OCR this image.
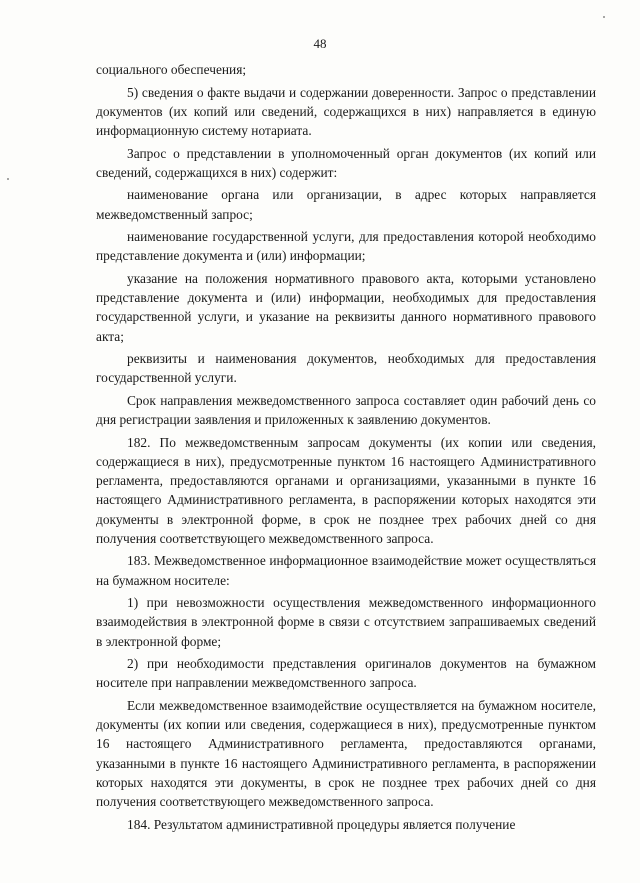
48

социального обеспечения;

5) сведения о факте выдачи и содержании доверенности. Запрос о представлении документов (их копий или сведений, содержащихся в них) направляется в единую информационную систему нотариата.

Запрос о представлении в уполномоченный орган документов (их копий или сведений, содержащихся в них) содержит:

наименование органа или организации, в адрес которых направляется межведомственный запрос;

наименование государственной услуги, для предоставления которой необходимо представление документа и (или) информации;

указание на положения нормативного правового акта, которыми установлено представление документа и (или) информации, необходимых для предоставления государственной услуги, и указание на реквизиты данного нормативного правового акта;

реквизиты и наименования документов, необходимых для предоставления государственной услуги.

Срок направления межведомственного запроса составляет один рабочий день со дня регистрации заявления и приложенных к заявлению документов.

182. По межведомственным запросам документы (их копии или сведения, содержащиеся в них), предусмотренные пунктом 16 настоящего Административного регламента, предоставляются органами и организациями, указанными в пункте 16 настоящего Административного регламента, в распоряжении которых находятся эти документы в электронной форме, в срок не позднее трех рабочих дней со дня получения соответствующего межведомственного запроса.

183. Межведомственное информационное взаимодействие может осуществляться на бумажном носителе:

1) при невозможности осуществления межведомственного информационного взаимодействия в электронной форме в связи с отсутствием запрашиваемых сведений в электронной форме;

2) при необходимости представления оригиналов документов на бумажном носителе при направлении межведомственного запроса.

Если межведомственное взаимодействие осуществляется на бумажном носителе, документы (их копии или сведения, содержащиеся в них), предусмотренные пунктом 16 настоящего Административного регламента, предоставляются органами, указанными в пункте 16 настоящего Административного регламента, в распоряжении которых находятся эти документы, в срок не позднее трех рабочих дней со дня получения соответствующего межведомственного запроса.

184. Результатом административной процедуры является получение
